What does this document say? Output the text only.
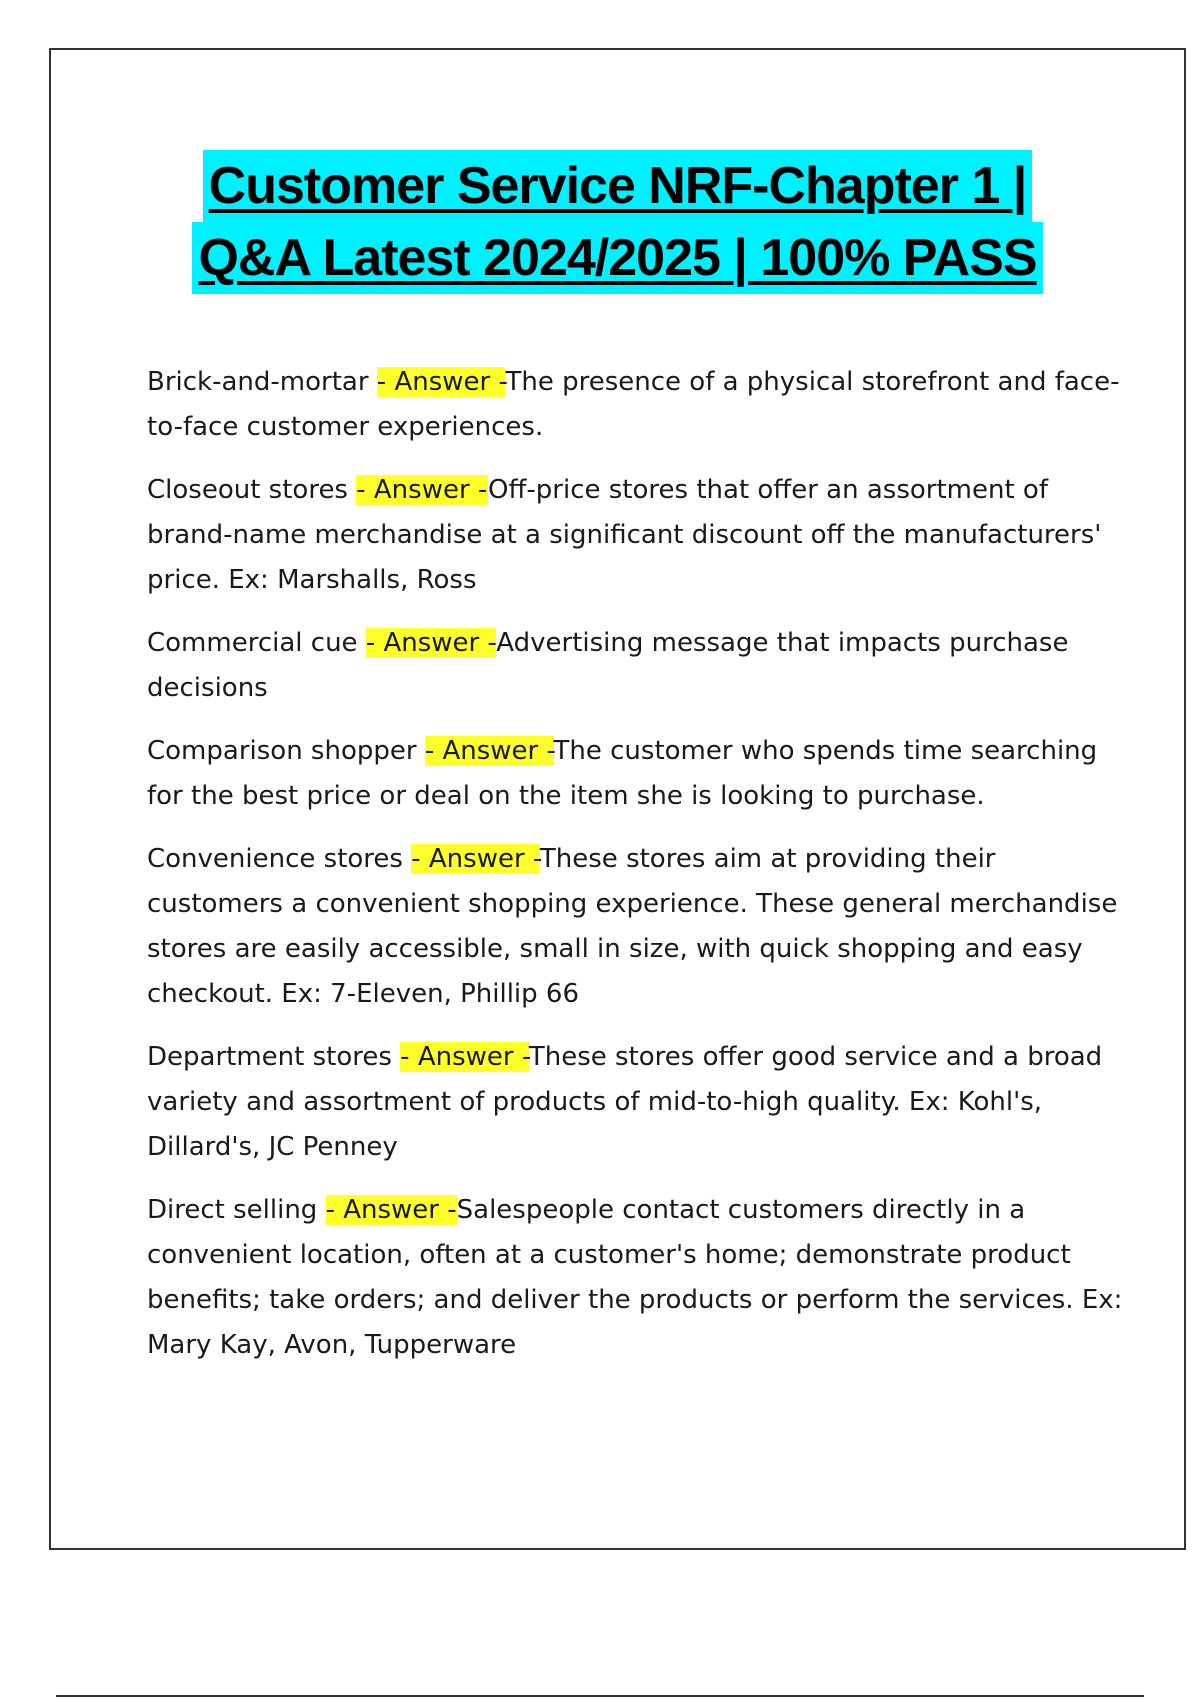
Customer Service NRF-Chapter 1 |
Q&A Latest 2024/2025 | 100% PASS

Brick-and-mortar - Answer -The presence of a physical storefront and face-to-face customer experiences.

Closeout stores - Answer -Off-price stores that offer an assortment of brand-name merchandise at a significant discount off the manufacturers' price. Ex: Marshalls, Ross

Commercial cue - Answer -Advertising message that impacts purchase decisions

Comparison shopper - Answer -The customer who spends time searching for the best price or deal on the item she is looking to purchase.

Convenience stores - Answer -These stores aim at providing their customers a convenient shopping experience. These general merchandise stores are easily accessible, small in size, with quick shopping and easy checkout. Ex: 7-Eleven, Phillip 66

Department stores - Answer -These stores offer good service and a broad variety and assortment of products of mid-to-high quality. Ex: Kohl's, Dillard's, JC Penney

Direct selling - Answer -Salespeople contact customers directly in a convenient location, often at a customer's home; demonstrate product benefits; take orders; and deliver the products or perform the services. Ex: Mary Kay, Avon, Tupperware
